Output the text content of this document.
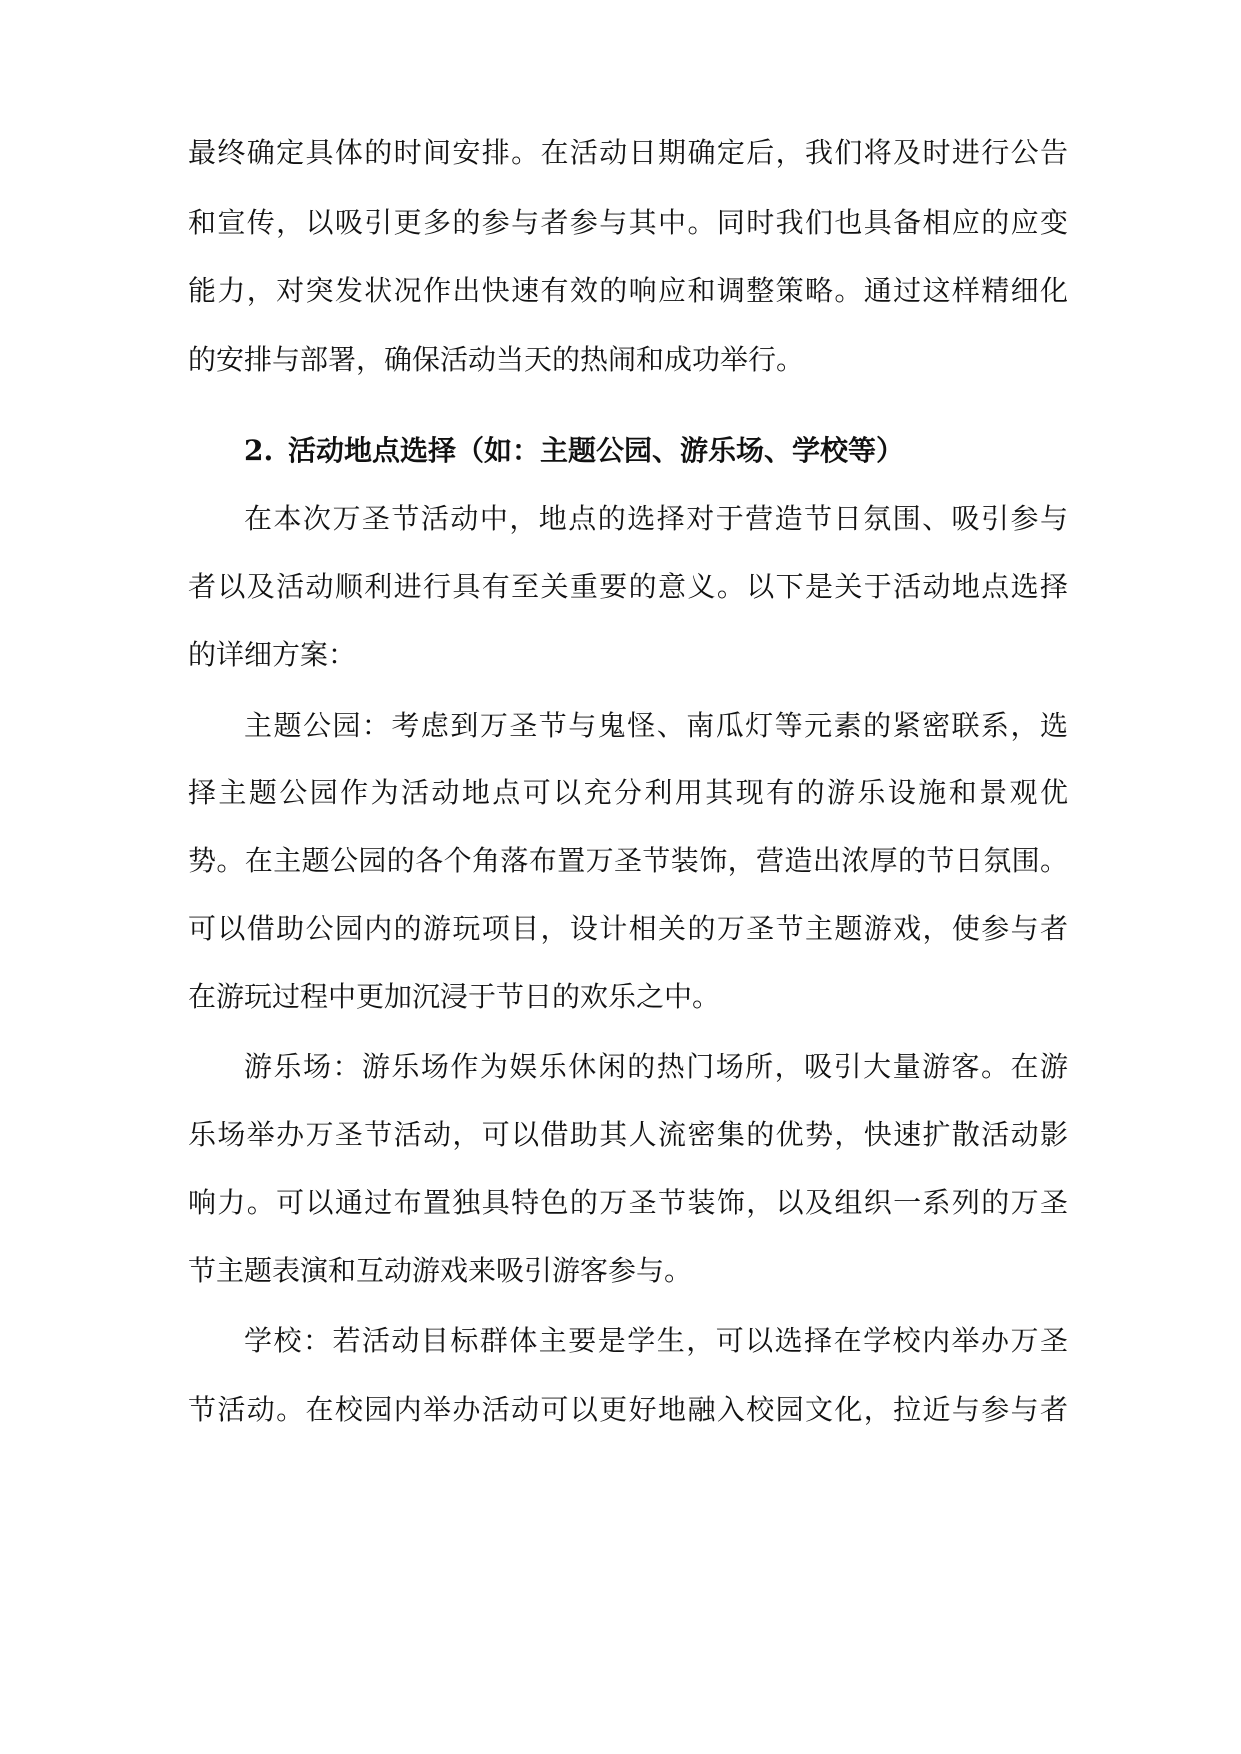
最终确定具体的时间安排。在活动日期确定后，我们将及时进行公告
和宣传，以吸引更多的参与者参与其中。同时我们也具备相应的应变
能力，对突发状况作出快速有效的响应和调整策略。通过这样精细化
的安排与部署，确保活动当天的热闹和成功举行。
2. 活动地点选择（如：主题公园、游乐场、学校等）
在本次万圣节活动中，地点的选择对于营造节日氛围、吸引参与
者以及活动顺利进行具有至关重要的意义。以下是关于活动地点选择
的详细方案：
主题公园：考虑到万圣节与鬼怪、南瓜灯等元素的紧密联系，选
择主题公园作为活动地点可以充分利用其现有的游乐设施和景观优
势。在主题公园的各个角落布置万圣节装饰，营造出浓厚的节日氛围。
可以借助公园内的游玩项目，设计相关的万圣节主题游戏，使参与者
在游玩过程中更加沉浸于节日的欢乐之中。
游乐场：游乐场作为娱乐休闲的热门场所，吸引大量游客。在游
乐场举办万圣节活动，可以借助其人流密集的优势，快速扩散活动影
响力。可以通过布置独具特色的万圣节装饰，以及组织一系列的万圣
节主题表演和互动游戏来吸引游客参与。
学校：若活动目标群体主要是学生，可以选择在学校内举办万圣
节活动。在校园内举办活动可以更好地融入校园文化，拉近与参与者
